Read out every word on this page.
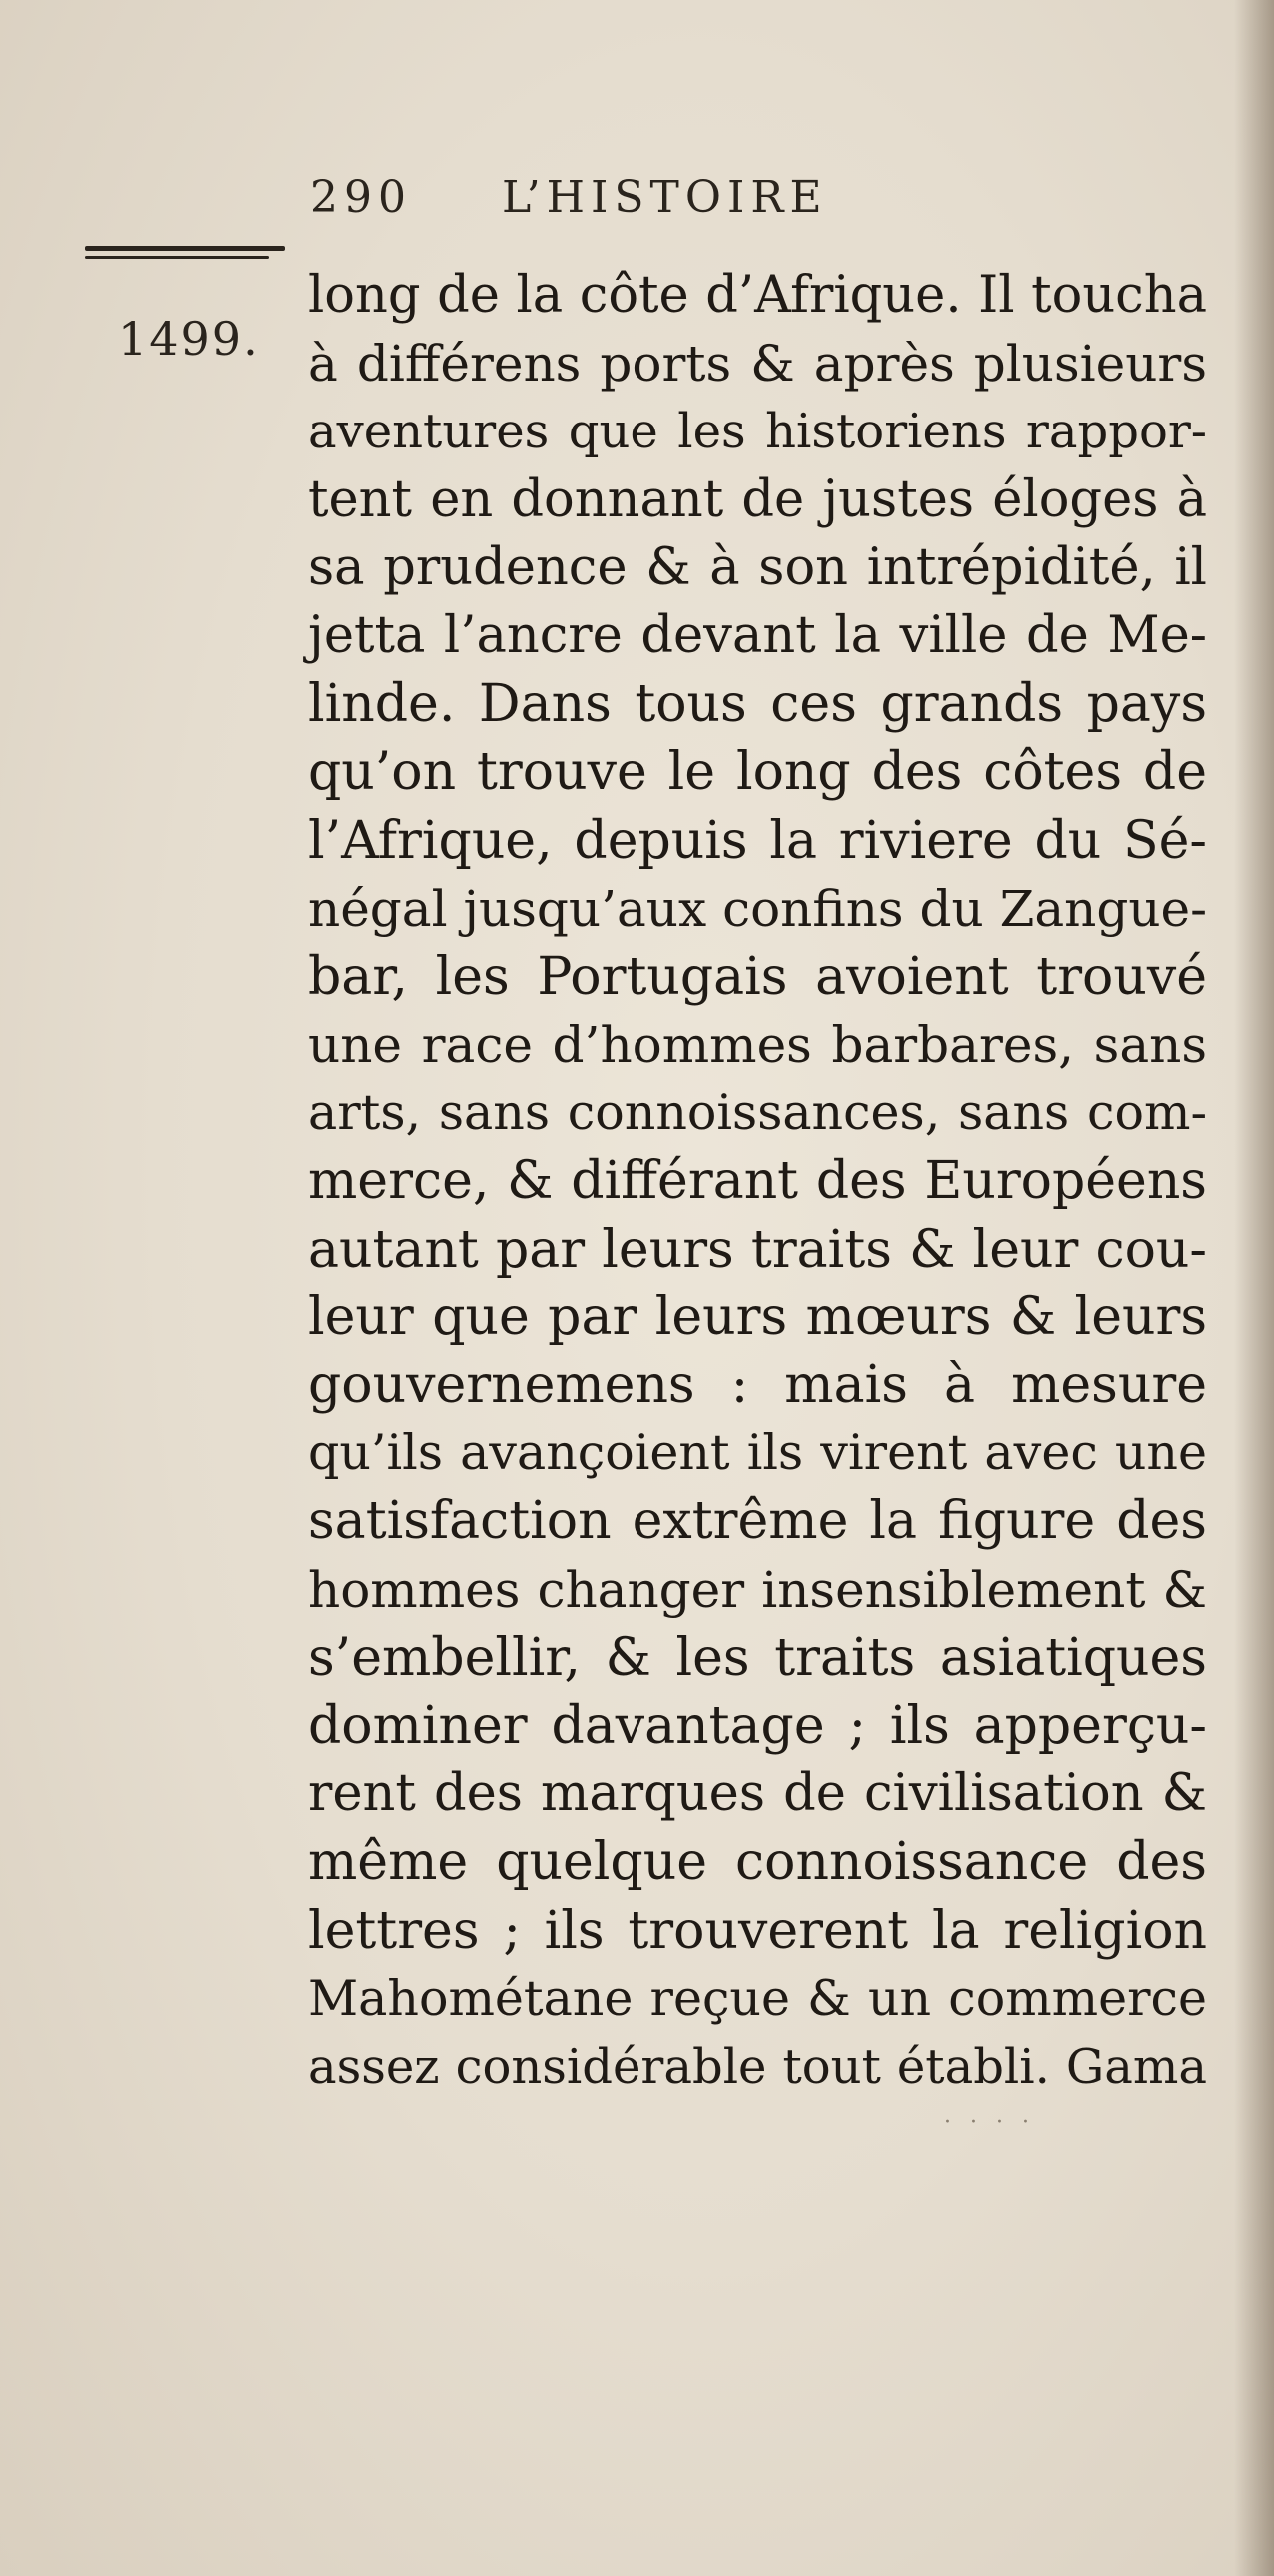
290 L’HISTOIRE
1499.
long de la côte d’Afrique. Il toucha
à différens ports & après plusieurs
aventures que les historiens rappor-
tent en donnant de justes éloges à
sa prudence & à son intrépidité, il
jetta l’ancre devant la ville de Me-
linde. Dans tous ces grands pays
qu’on trouve le long des côtes de
l’Afrique, depuis la riviere du Sé-
négal jusqu’aux confins du Zangue-
bar, les Portugais avoient trouvé
une race d’hommes barbares, sans
arts, sans connoissances, sans com-
merce, & différant des Européens
autant par leurs traits & leur cou-
leur que par leurs mœurs & leurs
gouvernemens : mais à mesure
qu’ils avançoient ils virent avec une
satisfaction extrême la figure des
hommes changer insensiblement &
s’embellir, & les traits asiatiques
dominer davantage ; ils apperçu-
rent des marques de civilisation &
même quelque connoissance des
lettres ; ils trouverent la religion
Mahométane reçue & un commerce
assez considérable tout établi. Gama
· · · ·
